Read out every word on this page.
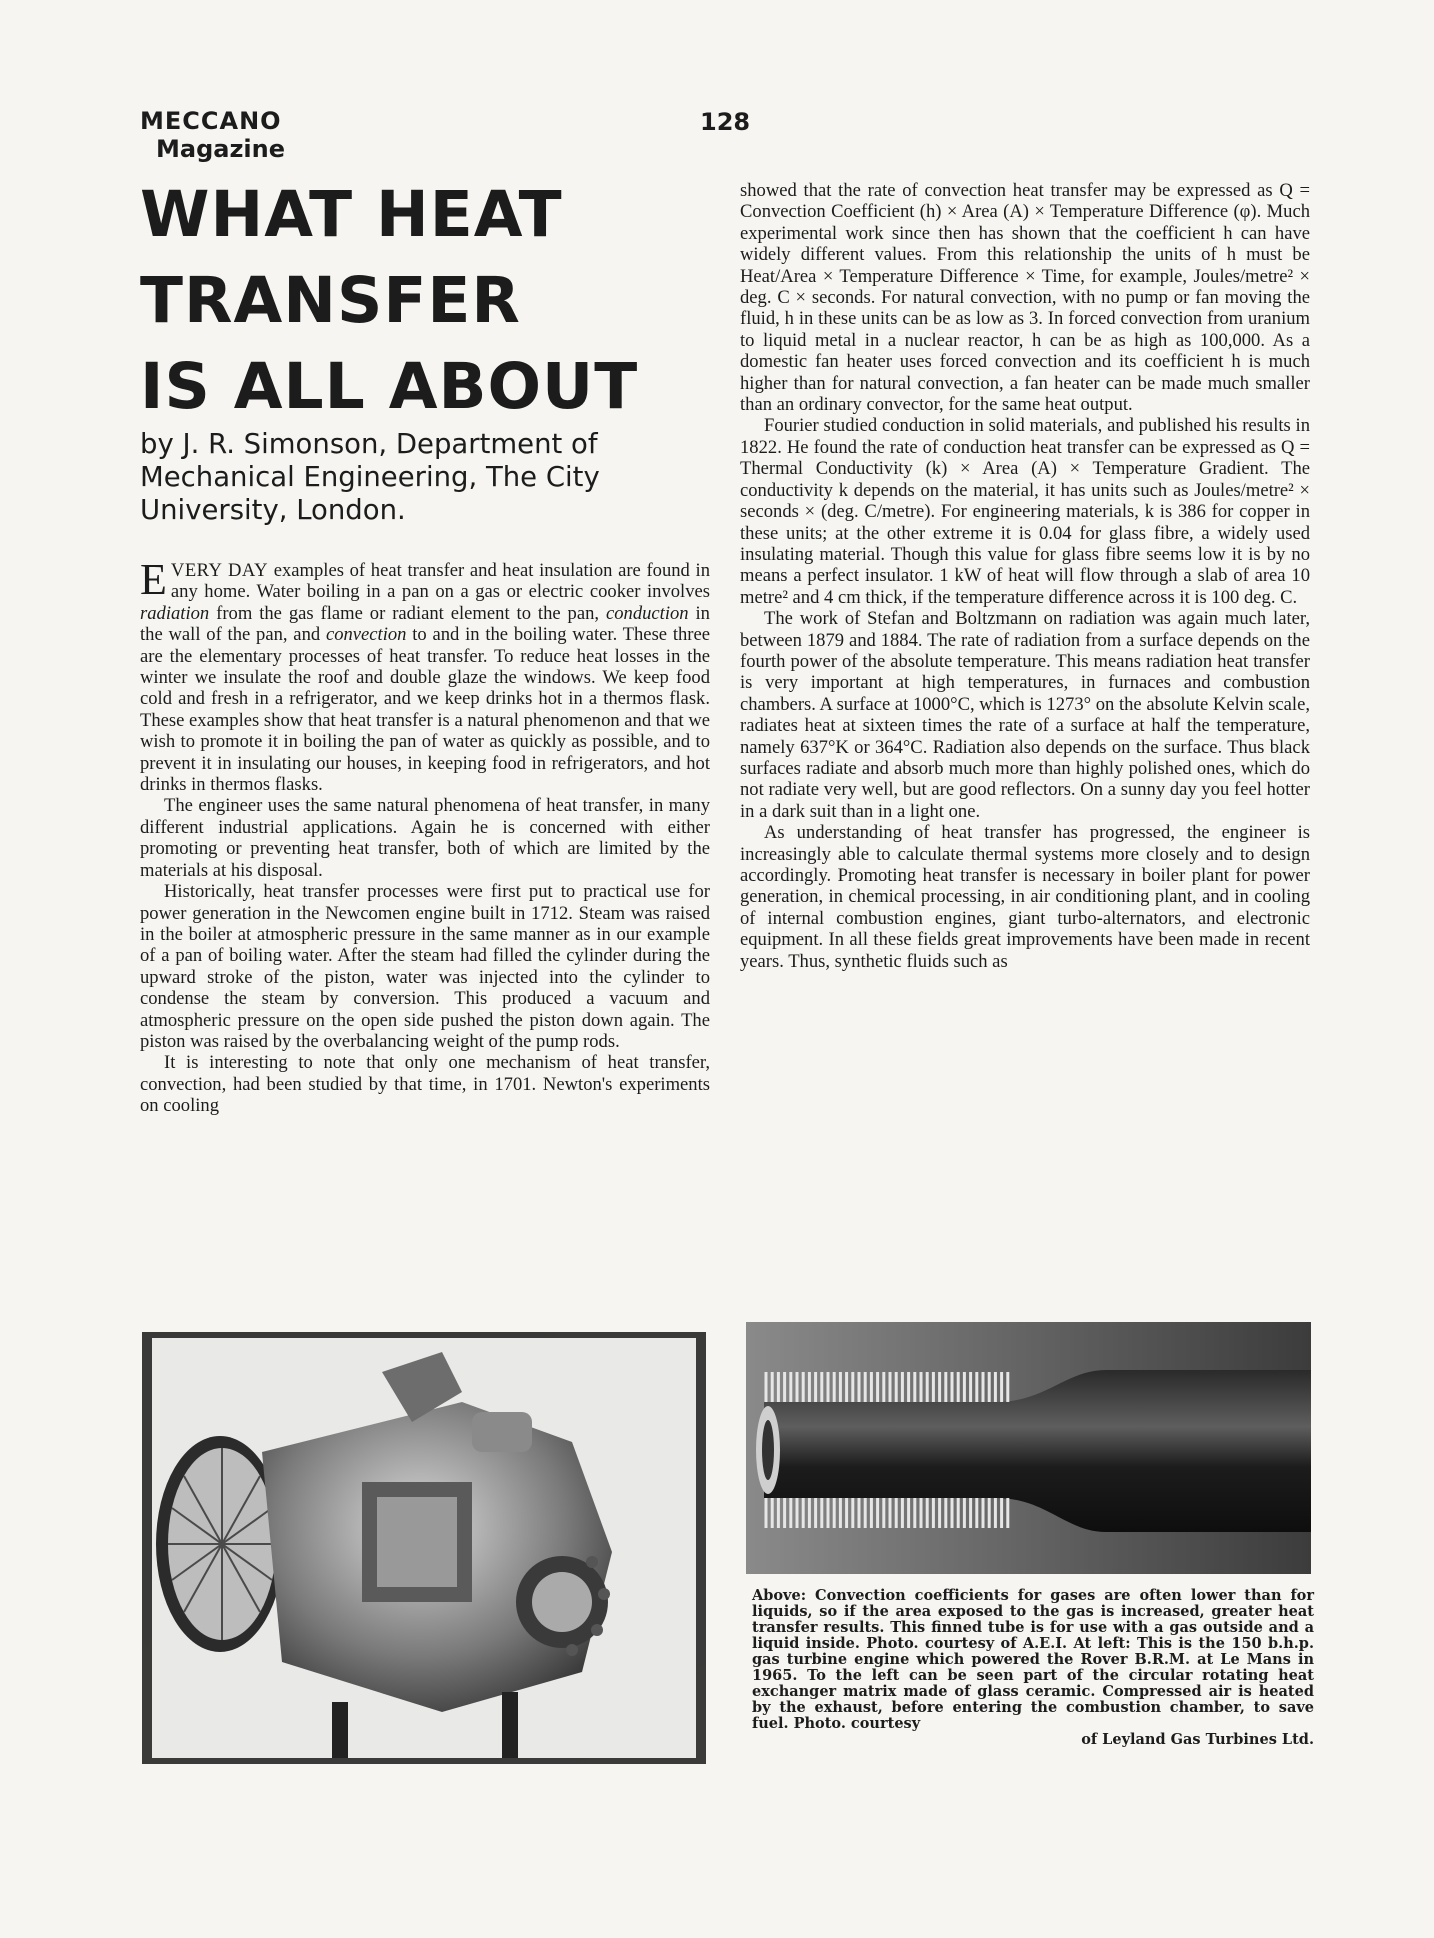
MECCANO
Magazine
128
WHAT HEAT
TRANSFER
IS ALL ABOUT

by J. R. Simonson, Department of Mechanical Engineering, The City University, London.

EVERY DAY examples of heat transfer and heat insulation are found in any home. Water boiling in a pan on a gas or electric cooker involves radiation from the gas flame or radiant element to the pan, conduction in the wall of the pan, and convection to and in the boiling water. These three are the elementary processes of heat transfer. To reduce heat losses in the winter we insulate the roof and double glaze the windows. We keep food cold and fresh in a refrigerator, and we keep drinks hot in a thermos flask. These examples show that heat transfer is a natural phenomenon and that we wish to promote it in boiling the pan of water as quickly as possible, and to prevent it in insulating our houses, in keeping food in refrigerators, and hot drinks in thermos flasks.

The engineer uses the same natural phenomena of heat transfer, in many different industrial applications. Again he is concerned with either promoting or preventing heat transfer, both of which are limited by the materials at his disposal.

Historically, heat transfer processes were first put to practical use for power generation in the Newcomen engine built in 1712. Steam was raised in the boiler at atmospheric pressure in the same manner as in our example of a pan of boiling water. After the steam had filled the cylinder during the upward stroke of the piston, water was injected into the cylinder to condense the steam by conversion. This produced a vacuum and atmospheric pressure on the open side pushed the piston down again. The piston was raised by the overbalancing weight of the pump rods.

It is interesting to note that only one mechanism of heat transfer, convection, had been studied by that time, in 1701. Newton's experiments on cooling

showed that the rate of convection heat transfer may be expressed as Q = Convection Coefficient (h) × Area (A) × Temperature Difference (φ). Much experimental work since then has shown that the coefficient h can have widely different values. From this relationship the units of h must be Heat/Area × Temperature Difference × Time, for example, Joules/metre² × deg. C × seconds. For natural convection, with no pump or fan moving the fluid, h in these units can be as low as 3. In forced convection from uranium to liquid metal in a nuclear reactor, h can be as high as 100,000. As a domestic fan heater uses forced convection and its coefficient h is much higher than for natural convection, a fan heater can be made much smaller than an ordinary convector, for the same heat output.

Fourier studied conduction in solid materials, and published his results in 1822. He found the rate of conduction heat transfer can be expressed as Q = Thermal Conductivity (k) × Area (A) × Temperature Gradient. The conductivity k depends on the material, it has units such as Joules/metre² × seconds × (deg. C/metre). For engineering materials, k is 386 for copper in these units; at the other extreme it is 0.04 for glass fibre, a widely used insulating material. Though this value for glass fibre seems low it is by no means a perfect insulator. 1 kW of heat will flow through a slab of area 10 metre² and 4 cm thick, if the temperature difference across it is 100 deg. C.

The work of Stefan and Boltzmann on radiation was again much later, between 1879 and 1884. The rate of radiation from a surface depends on the fourth power of the absolute temperature. This means radiation heat transfer is very important at high temperatures, in furnaces and combustion chambers. A surface at 1000°C, which is 1273° on the absolute Kelvin scale, radiates heat at sixteen times the rate of a surface at half the temperature, namely 637°K or 364°C. Radiation also depends on the surface. Thus black surfaces radiate and absorb much more than highly polished ones, which do not radiate very well, but are good reflectors. On a sunny day you feel hotter in a dark suit than in a light one.

As understanding of heat transfer has progressed, the engineer is increasingly able to calculate thermal systems more closely and to design accordingly. Promoting heat transfer is necessary in boiler plant for power generation, in chemical processing, in air conditioning plant, and in cooling of internal combustion engines, giant turbo-alternators, and electronic equipment. In all these fields great improvements have been made in recent years. Thus, synthetic fluids such as

Above: Convection coefficients for gases are often lower than for liquids, so if the area exposed to the gas is increased, greater heat transfer results. This finned tube is for use with a gas outside and a liquid inside. Photo. courtesy of A.E.I. At left: This is the 150 b.h.p. gas turbine engine which powered the Rover B.R.M. at Le Mans in 1965. To the left can be seen part of the circular rotating heat exchanger matrix made of glass ceramic. Compressed air is heated by the exhaust, before entering the combustion chamber, to save fuel. Photo. courtesy
of Leyland Gas Turbines Ltd.
